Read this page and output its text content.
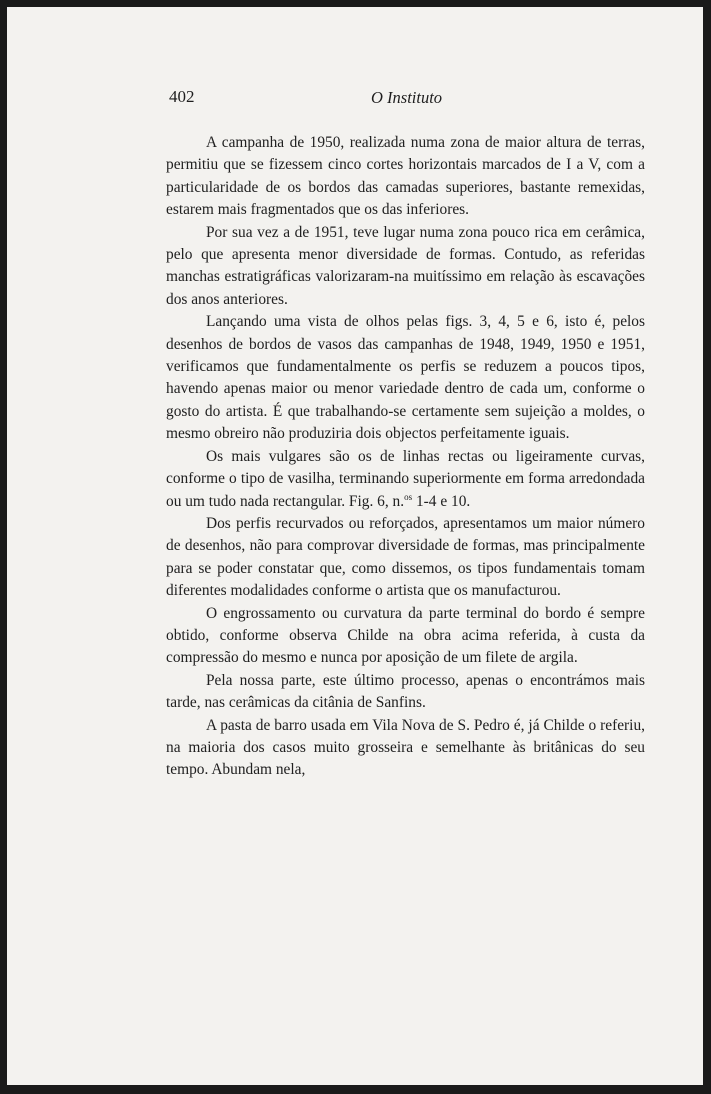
402	O Instituto

A campanha de 1950, realizada numa zona de maior altura de terras, permitiu que se fizessem cinco cortes horizontais marcados de I a V, com a particularidade de os bordos das camadas superiores, bastante remexidas, estarem mais fragmentados que os das inferiores.

Por sua vez a de 1951, teve lugar numa zona pouco rica em cerâmica, pelo que apresenta menor diversidade de formas. Contudo, as referidas manchas estratigráficas valorizaram-na muitíssimo em relação às escavações dos anos anteriores.

Lançando uma vista de olhos pelas figs. 3, 4, 5 e 6, isto é, pelos desenhos de bordos de vasos das campanhas de 1948, 1949, 1950 e 1951, verificamos que fundamentalmente os perfis se reduzem a poucos tipos, havendo apenas maior ou menor variedade dentro de cada um, conforme o gosto do artista. É que trabalhando-se certamente sem sujeição a moldes, o mesmo obreiro não produziria dois objectos perfeitamente iguais.

Os mais vulgares são os de linhas rectas ou ligeiramente curvas, conforme o tipo de vasilha, terminando superiormente em forma arredondada ou um tudo nada rectangular. Fig. 6, n.$^{os}$ 1-4 e 10.

Dos perfis recurvados ou reforçados, apresentamos um maior número de desenhos, não para comprovar diversidade de formas, mas principalmente para se poder constatar que, como dissemos, os tipos fundamentais tomam diferentes modalidades conforme o artista que os manufacturou.

O engrossamento ou curvatura da parte terminal do bordo é sempre obtido, conforme observa Childe na obra acima referida, à custa da compressão do mesmo e nunca por aposição de um filete de argila.

Pela nossa parte, este último processo, apenas o encontrámos mais tarde, nas cerâmicas da citânia de Sanfins.

A pasta de barro usada em Vila Nova de S. Pedro é, já Childe o referiu, na maioria dos casos muito grosseira e semelhante às britânicas do seu tempo. Abundam nela,
